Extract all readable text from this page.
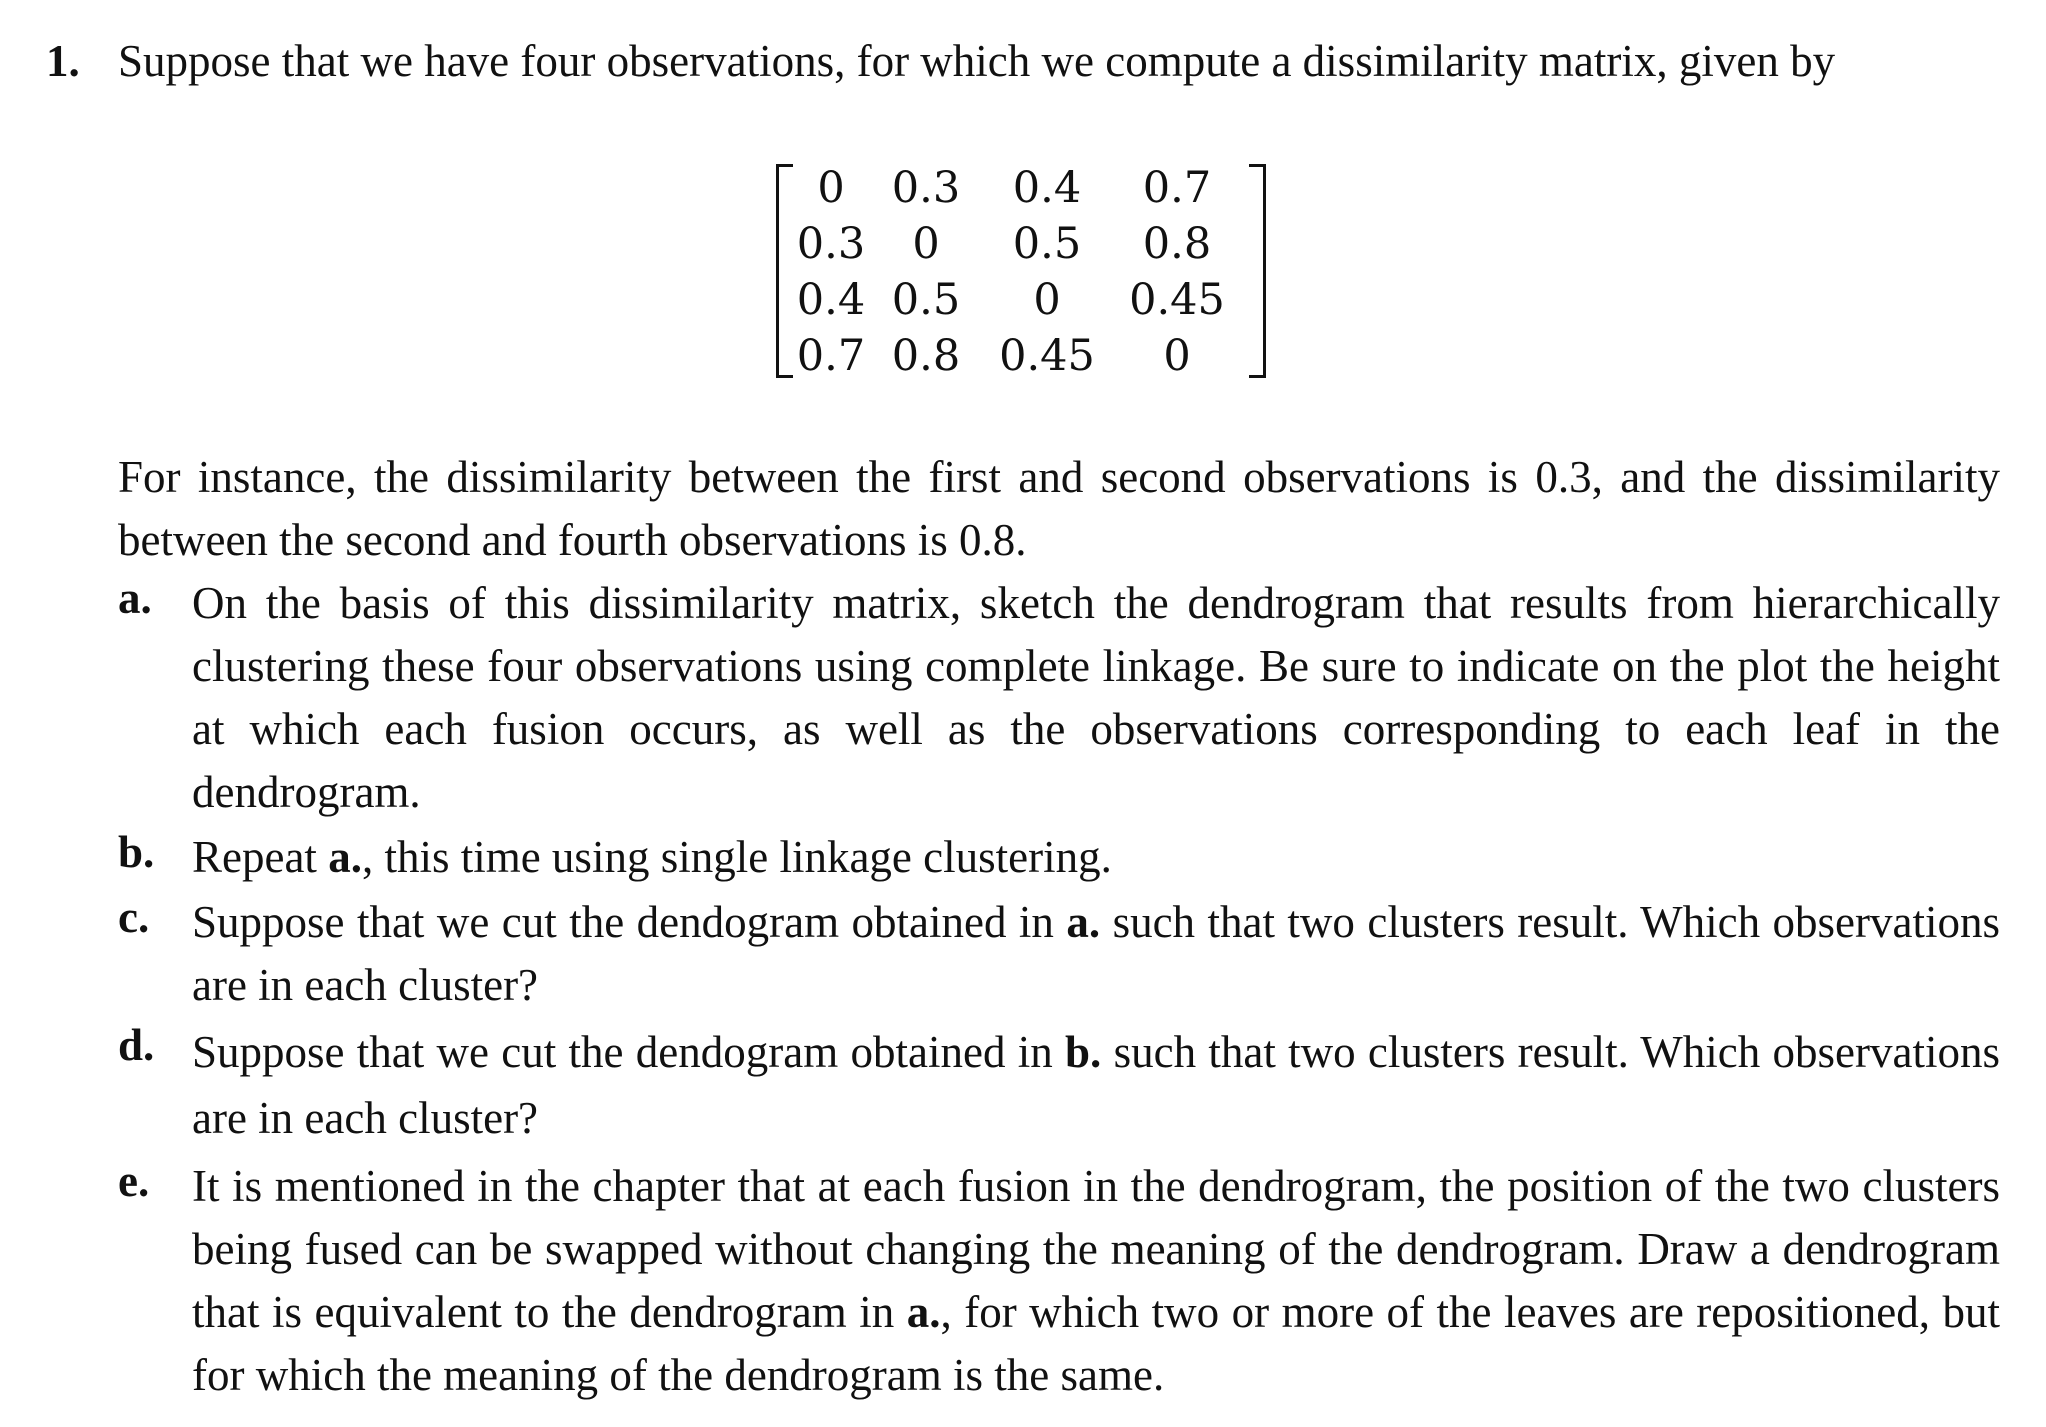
1. Suppose that we have four observations, for which we compute a dissimilarity matrix, given by
0	0.3	0.4	0.7
0.3	0	0.5	0.8
0.4 0.5	0	0.45
0.7 0.8 0.45	0
For instance, the dissimilarity between the first and second observations is 0.3, and the dissimilarity between the second and fourth observations is 0.8.
a. On the basis of this dissimilarity matrix, sketch the dendrogram that results from hierarchically clustering these four observations using complete linkage. Be sure to indicate on the plot the height at which each fusion occurs, as well as the observations corresponding to each leaf in the dendrogram.
b. Repeat a., this time using single linkage clustering.
c. Suppose that we cut the dendogram obtained in a. such that two clusters result. Which observations are in each cluster?
d. Suppose that we cut the dendogram obtained in b. such that two clusters result. Which observations are in each cluster?
e. It is mentioned in the chapter that at each fusion in the dendrogram, the position of the two clusters being fused can be swapped without changing the meaning of the dendrogram. Draw a dendrogram that is equivalent to the dendrogram in a., for which two or more of the leaves are repositioned, but for which the meaning of the dendrogram is the same.
